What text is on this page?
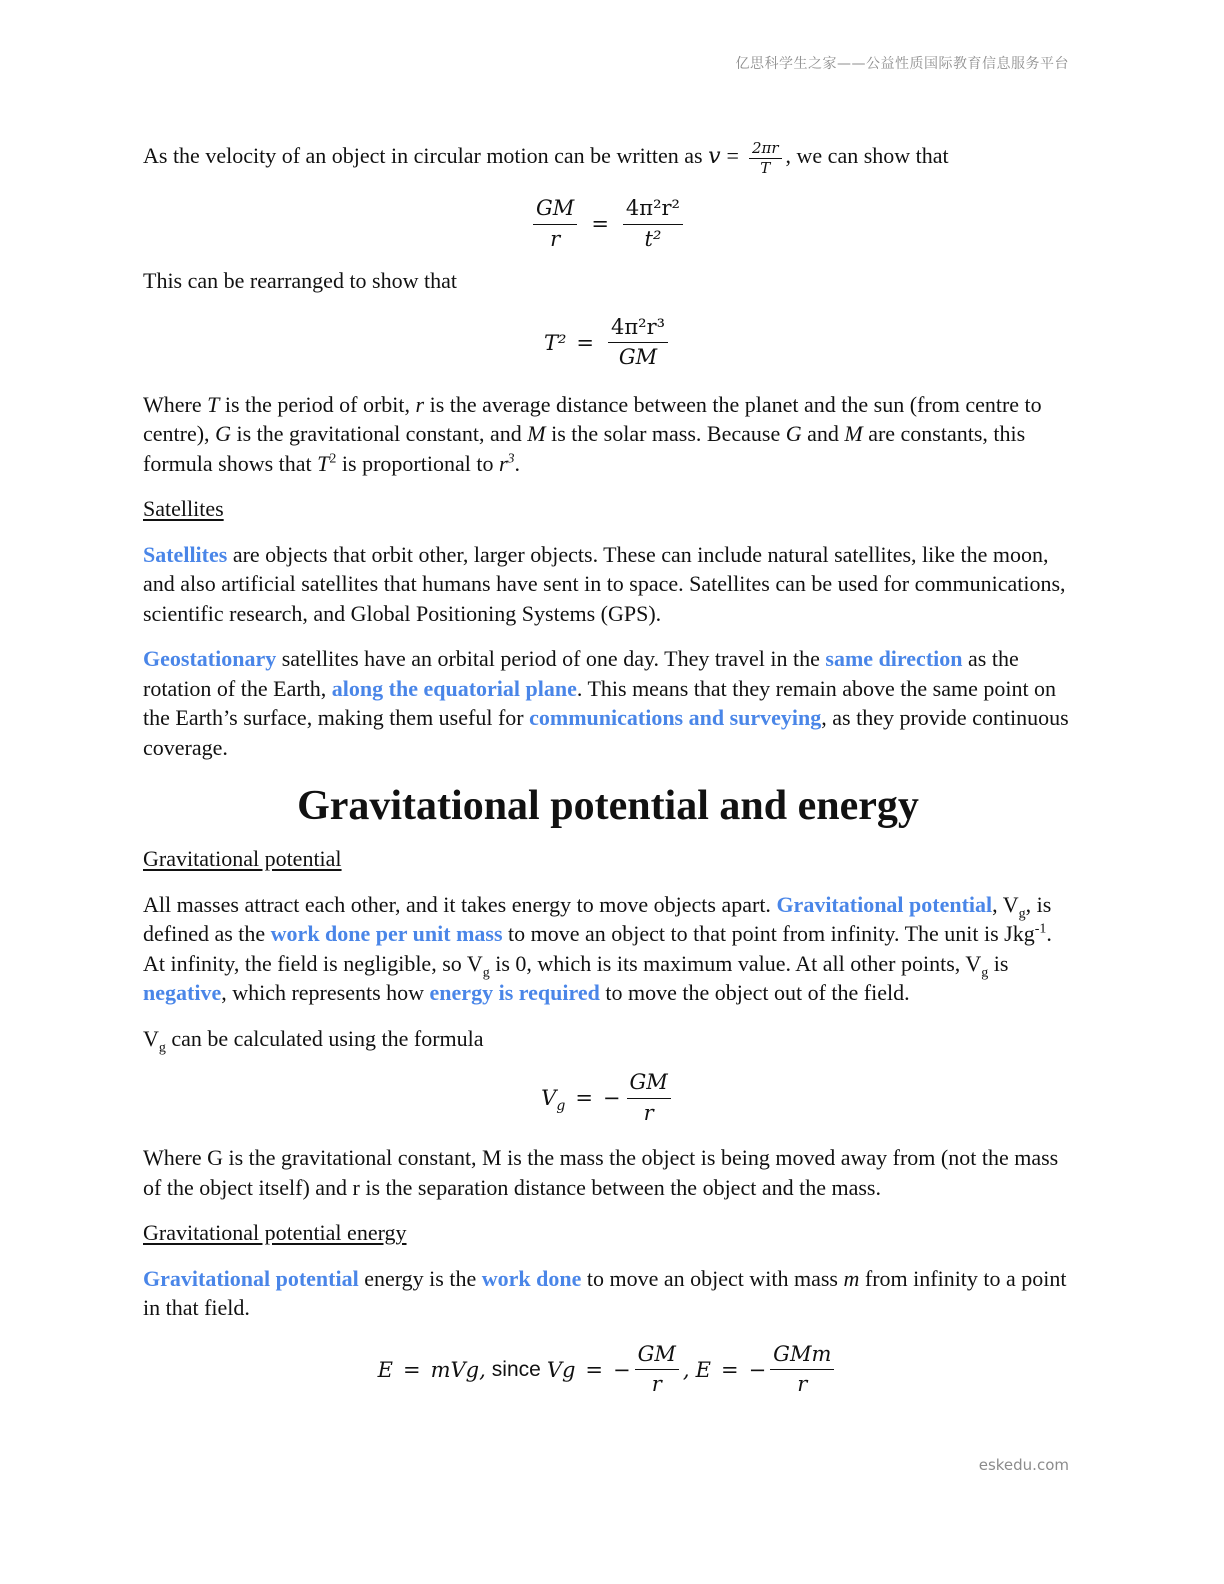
亿思科学生之家——公益性质国际教育信息服务平台

As the velocity of an object in circular motion can be written as $v = \frac{2\pi r}{T}$ , we can show that

$\frac{GM}{r} = \frac{\text{4π²r²}}{\text{t²}}$

This can be rearranged to show that

$T^2 = \frac{\text{4π²r³}}{GM}$

Where T is the period of orbit, r is the average distance between the planet and the sun (from centre to centre), G is the gravitational constant, and M is the solar mass. Because G and M are constants, this formula shows that $T^2$ is proportional to $r^3$.

Satellites

Satellites are objects that orbit other, larger objects. These can include natural satellites, like the moon, and also artificial satellites that humans have sent in to space. Satellites can be used for communications, scientific research, and Global Positioning Systems (GPS).

Geostationary satellites have an orbital period of one day. They travel in the same direction as the rotation of the Earth, along the equatorial plane. This means that they remain above the same point on the Earth’s surface, making them useful for communications and surveying, as they provide continuous coverage.

Gravitational potential and energy

Gravitational potential

All masses attract each other, and it takes energy to move objects apart. Gravitational potential, $V_g$, is defined as the work done per unit mass to move an object to that point from infinity. The unit is Jkg$^{-1}$. At infinity, the field is negligible, so $V_g$ is 0, which is its maximum value. At all other points, $V_g$ is negative, which represents how energy is required to move the object out of the field.

$V_g$ can be calculated using the formula

$V_g$ = − $\frac{GM}{r}$

Where G is the gravitational constant, M is the mass the object is being moved away from (not the mass of the object itself) and r is the separation distance between the object and the mass.

Gravitational potential energy

Gravitational potential energy is the work done to move an object with mass m from infinity to a point in that field.

E = mVg, since Vg = − $\frac{GM}{r}$ , E = − $\frac{\text{GMm}}{r}$
eskedu.com
